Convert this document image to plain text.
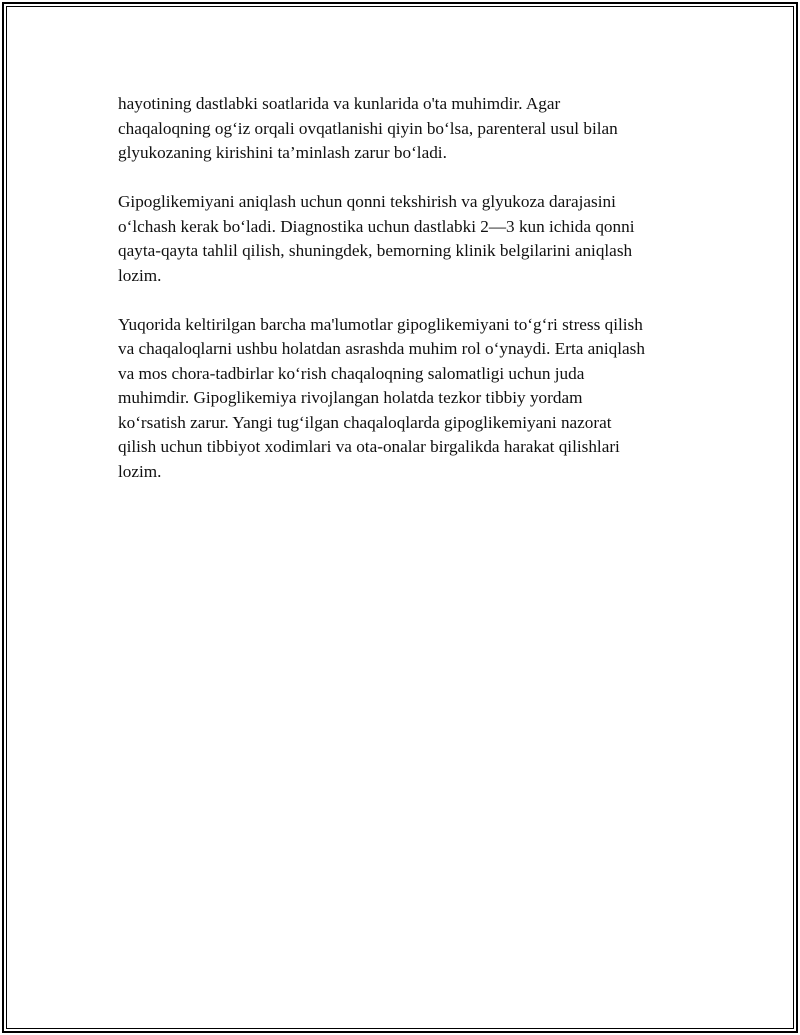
hayotining dastlabki soatlarida va kunlarida o'ta muhimdir. Agar
chaqaloqning og‘iz orqali ovqatlanishi qiyin bo‘lsa, parenteral usul bilan
glyukozaning kirishini ta’minlash zarur bo‘ladi.

Gipoglikemiyani aniqlash uchun qonni tekshirish va glyukoza darajasini
o‘lchash kerak bo‘ladi. Diagnostika uchun dastlabki 2—3 kun ichida qonni
qayta-qayta tahlil qilish, shuningdek, bemorning klinik belgilarini aniqlash
lozim.

Yuqorida keltirilgan barcha ma'lumotlar gipoglikemiyani to‘g‘ri stress qilish
va chaqaloqlarni ushbu holatdan asrashda muhim rol o‘ynaydi. Erta aniqlash
va mos chora-tadbirlar ko‘rish chaqaloqning salomatligi uchun juda
muhimdir. Gipoglikemiya rivojlangan holatda tezkor tibbiy yordam
ko‘rsatish zarur. Yangi tug‘ilgan chaqaloqlarda gipoglikemiyani nazorat
qilish uchun tibbiyot xodimlari va ota-onalar birgalikda harakat qilishlari
lozim.
